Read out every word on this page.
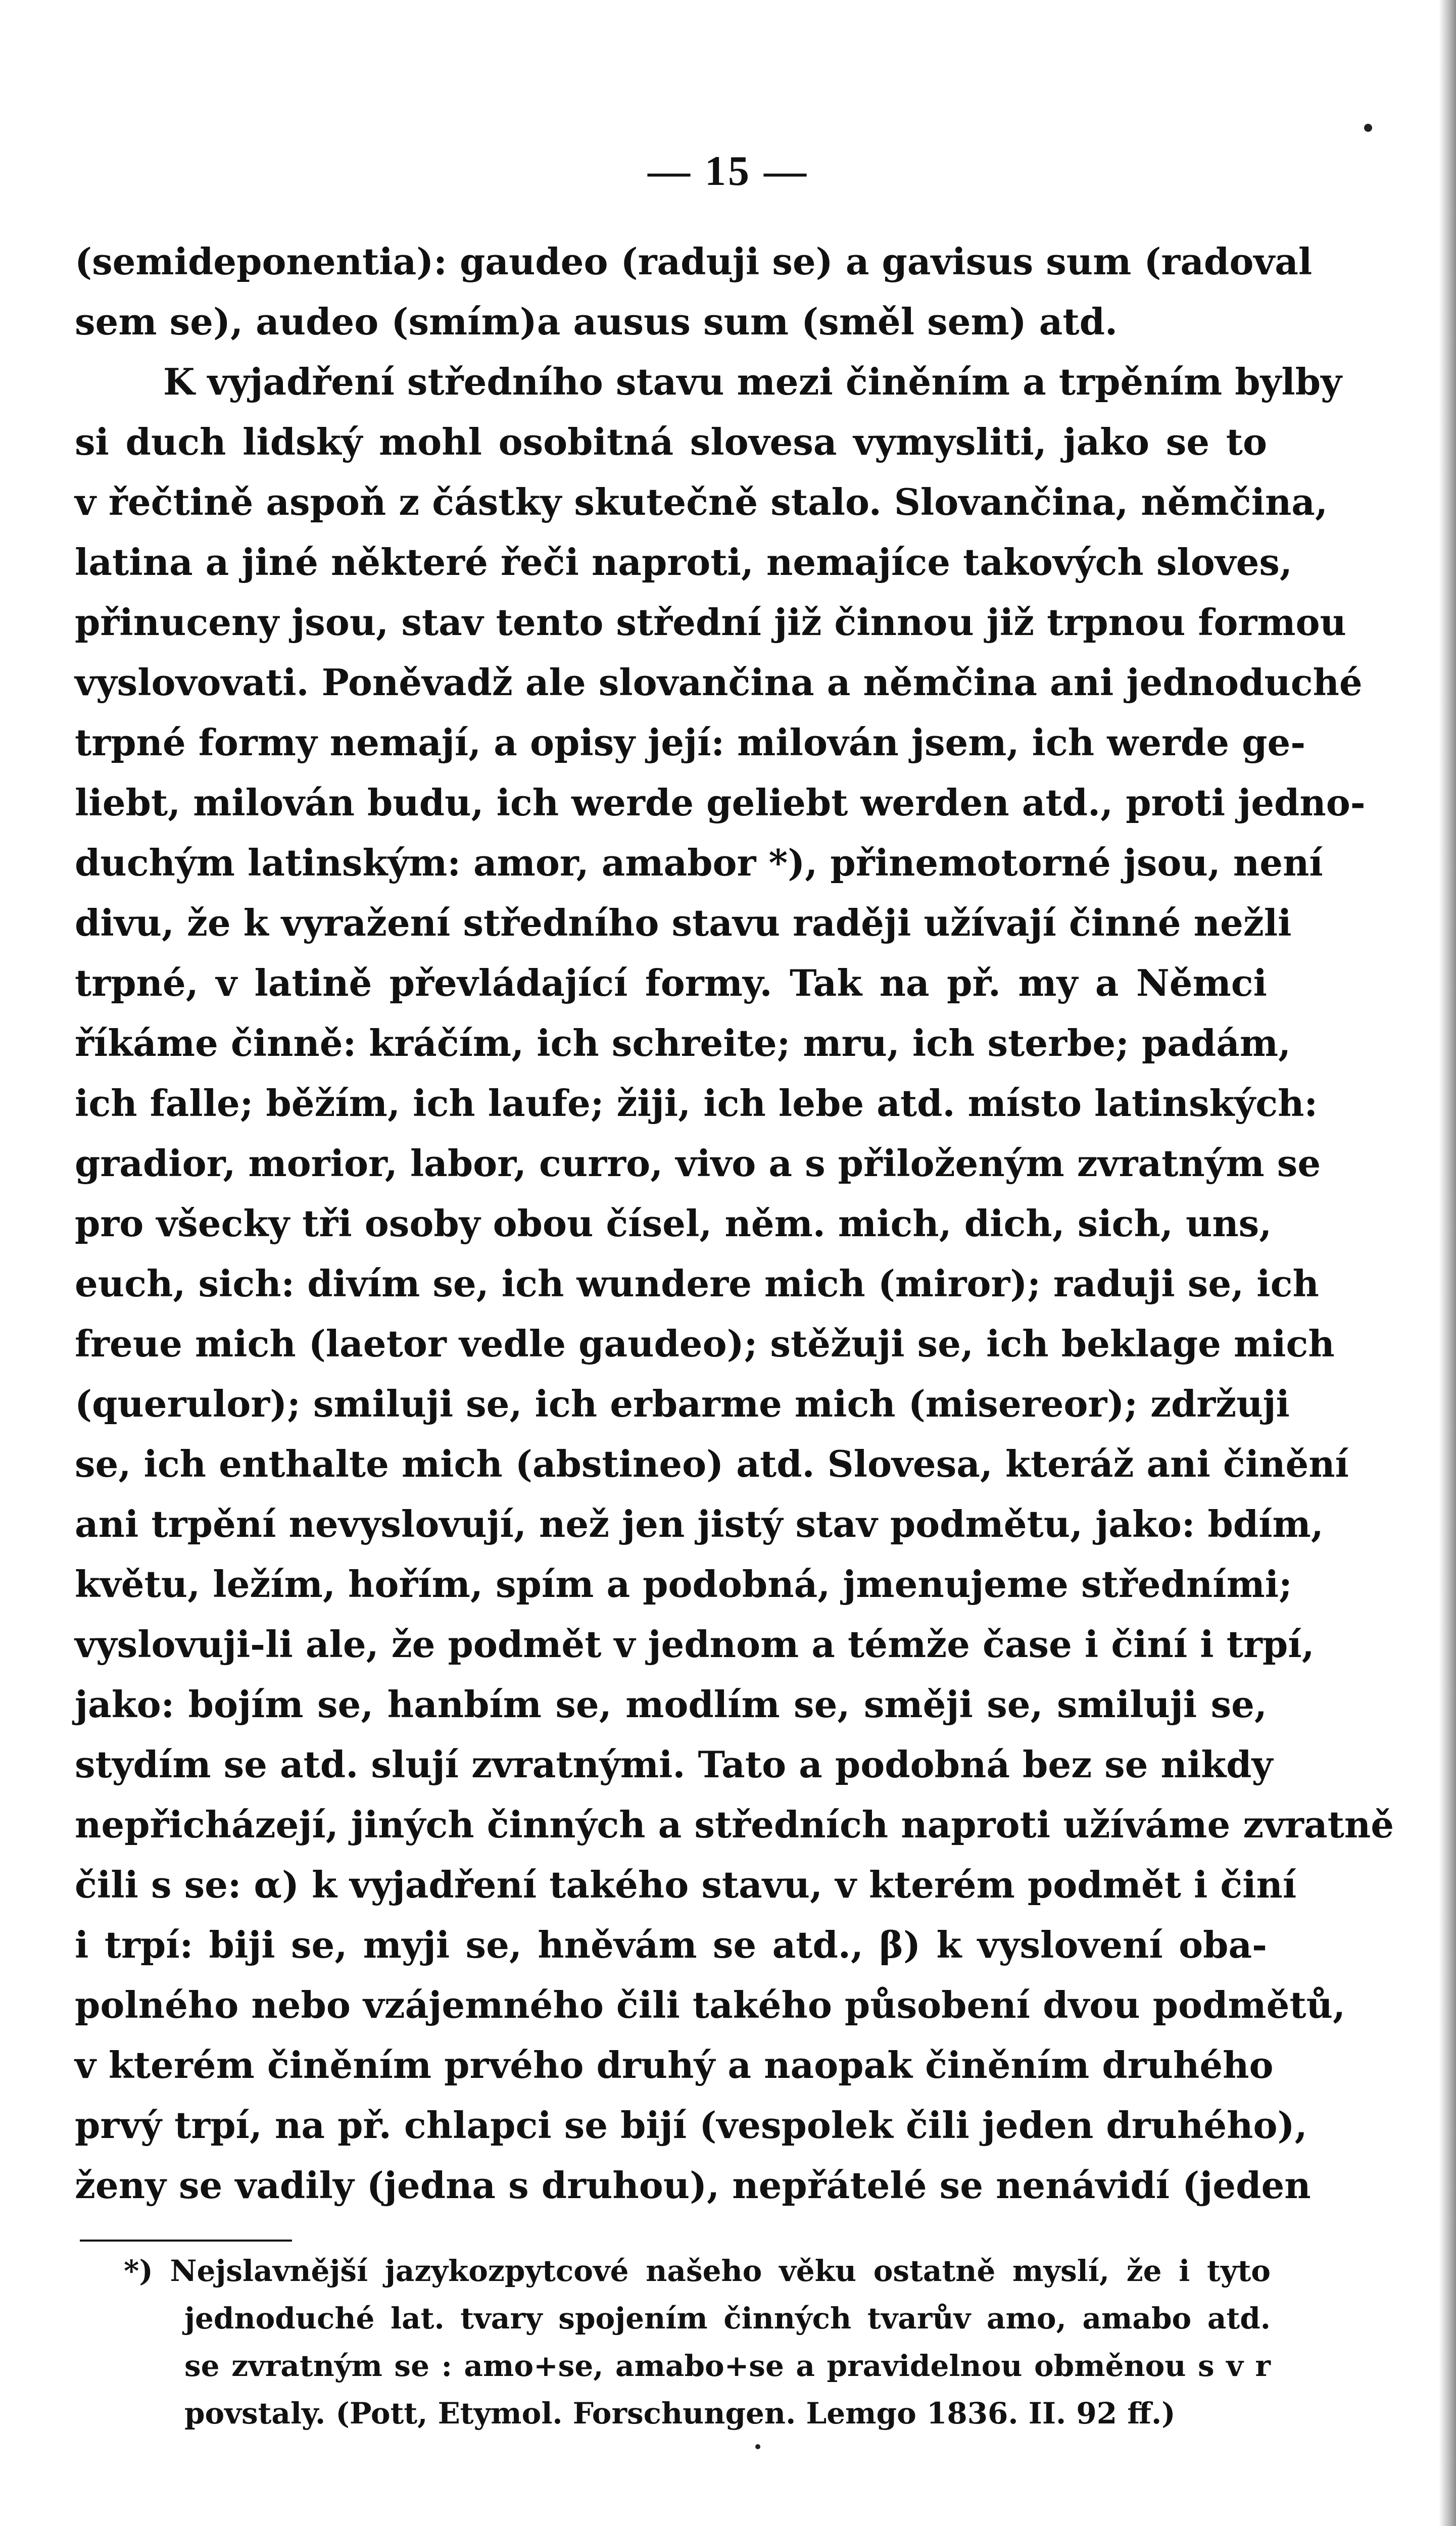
— 15 —
(semideponentia): gaudeo (raduji se) a gavisus sum (radoval
sem se), audeo (smím)a ausus sum (směl sem) atd.
K vyjadření středního stavu mezi činěním a trpěním bylby
si duch lidský mohl osobitná slovesa vymysliti, jako se to
v řečtině aspoň z částky skutečně stalo. Slovančina, němčina,
latina a jiné některé řeči naproti, nemajíce takových sloves,
přinuceny jsou, stav tento střední již činnou již trpnou formou
vyslovovati. Poněvadž ale slovančina a němčina ani jednoduché
trpné formy nemají, a opisy její: milován jsem, ich werde ge-
liebt, milován budu, ich werde geliebt werden atd., proti jedno-
duchým latinským: amor, amabor *), přinemotorné jsou, není
divu, že k vyražení středního stavu raději užívají činné nežli
trpné, v latině převládající formy. Tak na př. my a Němci
říkáme činně: kráčím, ich schreite; mru, ich sterbe; padám,
ich falle; běžím, ich laufe; žiji, ich lebe atd. místo latinských:
gradior, morior, labor, curro, vivo a s přiloženým zvratným se
pro všecky tři osoby obou čísel, něm. mich, dich, sich, uns,
euch, sich: divím se, ich wundere mich (miror); raduji se, ich
freue mich (laetor vedle gaudeo); stěžuji se, ich beklage mich
(querulor); smiluji se, ich erbarme mich (misereor); zdržuji
se, ich enthalte mich (abstineo) atd. Slovesa, kteráž ani činění
ani trpění nevyslovují, než jen jistý stav podmětu, jako: bdím,
květu, ležím, hořím, spím a podobná, jmenujeme středními;
vyslovuji-li ale, že podmět v jednom a témže čase i činí i trpí,
jako: bojím se, hanbím se, modlím se, směji se, smiluji se,
stydím se atd. slují zvratnými. Tato a podobná bez se nikdy
nepřicházejí, jiných činných a středních naproti užíváme zvratně
čili s se: α) k vyjadření takého stavu, v kterém podmět i činí
i trpí: biji se, myji se, hněvám se atd., β) k vyslovení oba-
polného nebo vzájemného čili takého působení dvou podmětů,
v kterém činěním prvého druhý a naopak činěním druhého
prvý trpí, na př. chlapci se bijí (vespolek čili jeden druhého),
ženy se vadily (jedna s druhou), nepřátelé se nenávidí (jeden
*) Nejslavnější jazykozpytcové našeho věku ostatně myslí, že i tyto
jednoduché lat. tvary spojením činných tvarův amo, amabo atd.
se zvratným se : amo+se, amabo+se a pravidelnou obměnou s v r
povstaly. (Pott, Etymol. Forschungen. Lemgo 1836. II. 92 ff.)
